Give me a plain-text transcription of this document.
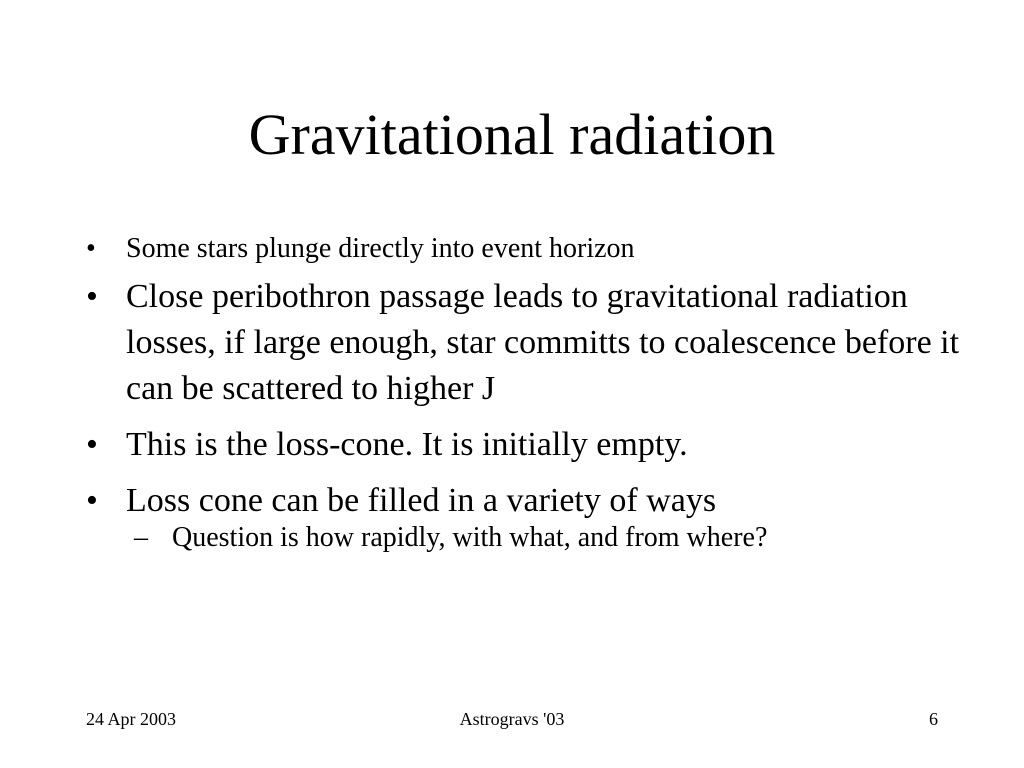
Gravitational radiation
• Some stars plunge directly into event horizon
• Close peribothron passage leads to gravitational radiation losses, if large enough, star committs to coalescence before it can be scattered to higher J
• This is the loss-cone. It is initially empty.
• Loss cone can be filled in a variety of ways
– Question is how rapidly, with what, and from where?
24 Apr 2003	Astrogravs '03	6
